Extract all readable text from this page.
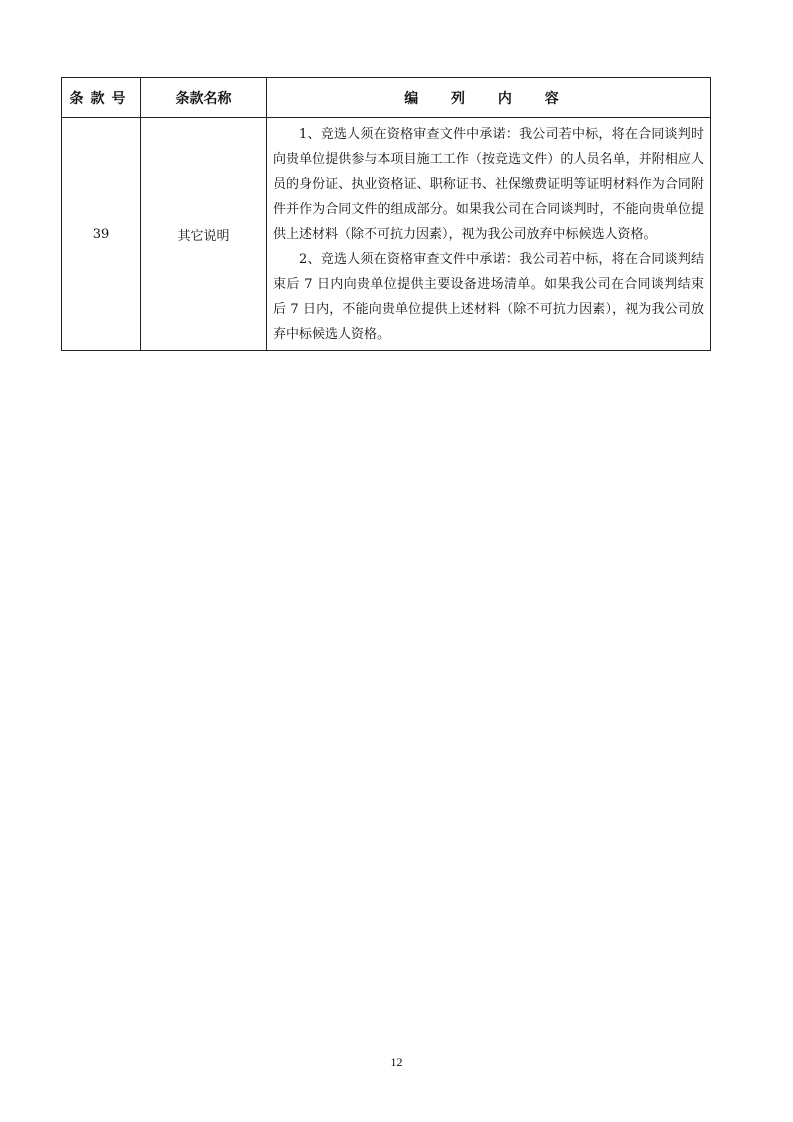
条款号	条款名称	编 列 内 容
39	其它说明	1、竞选人须在资格审查文件中承诺：我公司若中标，将在合同谈判时向贵单位提供参与本项目施工工作（按竞选文件）的人员名单，并附相应人员的身份证、执业资格证、职称证书、社保缴费证明等证明材料作为合同附件并作为合同文件的组成部分。如果我公司在合同谈判时，不能向贵单位提供上述材料（除不可抗力因素），视为我公司放弃中标候选人资格。

2、竞选人须在资格审查文件中承诺：我公司若中标，将在合同谈判结束后 7 日内向贵单位提供主要设备进场清单。如果我公司在合同谈判结束后 7 日内，不能向贵单位提供上述材料（除不可抗力因素），视为我公司放弃中标候选人资格。

12
